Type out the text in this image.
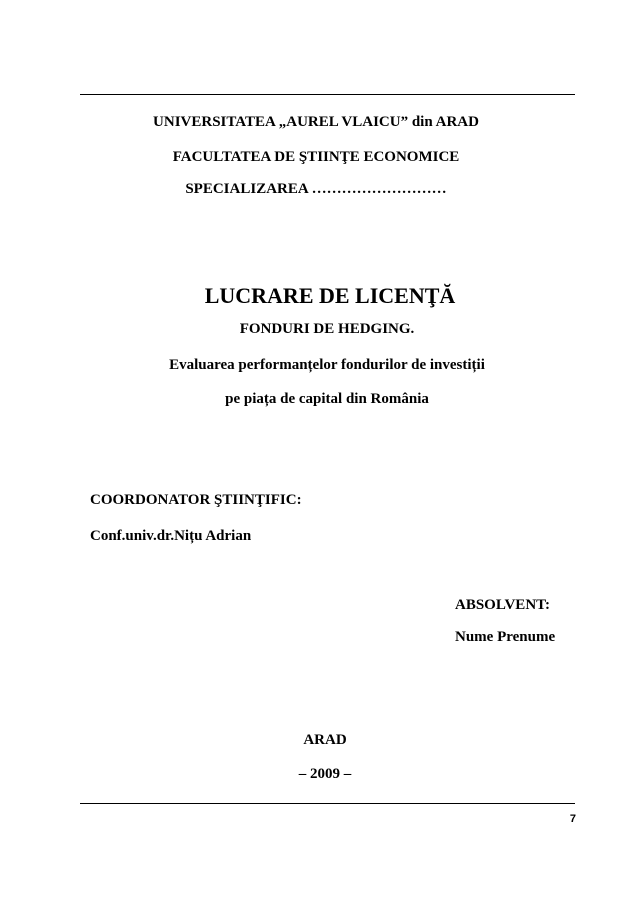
UNIVERSITATEA „AUREL VLAICU” din ARAD
FACULTATEA DE ŞTIINŢE ECONOMICE
SPECIALIZAREA ………………………
LUCRARE DE LICENŢĂ
FONDURI DE HEDGING.
Evaluarea performanțelor fondurilor de investiții
pe piața de capital din România
COORDONATOR ŞTIINŢIFIC:
Conf.univ.dr.Nițu Adrian
ABSOLVENT:
Nume Prenume
ARAD
– 2009 –
7
